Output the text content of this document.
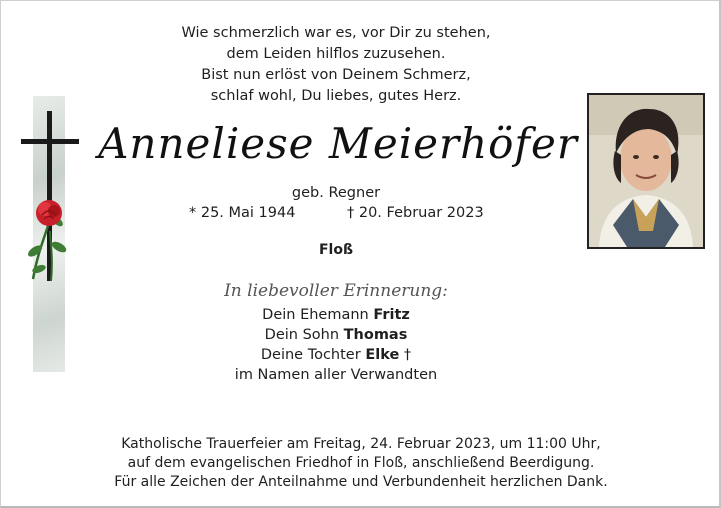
Wie schmerzlich war es, vor Dir zu stehen,
dem Leiden hilflos zuzusehen.
Bist nun erlöst von Deinem Schmerz,
schlaf wohl, Du liebes, gutes Herz.
Anneliese Meierhöfer
geb. Regner
* 25. Mai 1944	† 20. Februar 2023
Floß
In liebevoller Erinnerung:
Dein Ehemann Fritz
Dein Sohn Thomas
Deine Tochter Elke †
im Namen aller Verwandten
Katholische Trauerfeier am Freitag, 24. Februar 2023, um 11:00 Uhr,
auf dem evangelischen Friedhof in Floß, anschließend Beerdigung.
Für alle Zeichen der Anteilnahme und Verbundenheit herzlichen Dank.
